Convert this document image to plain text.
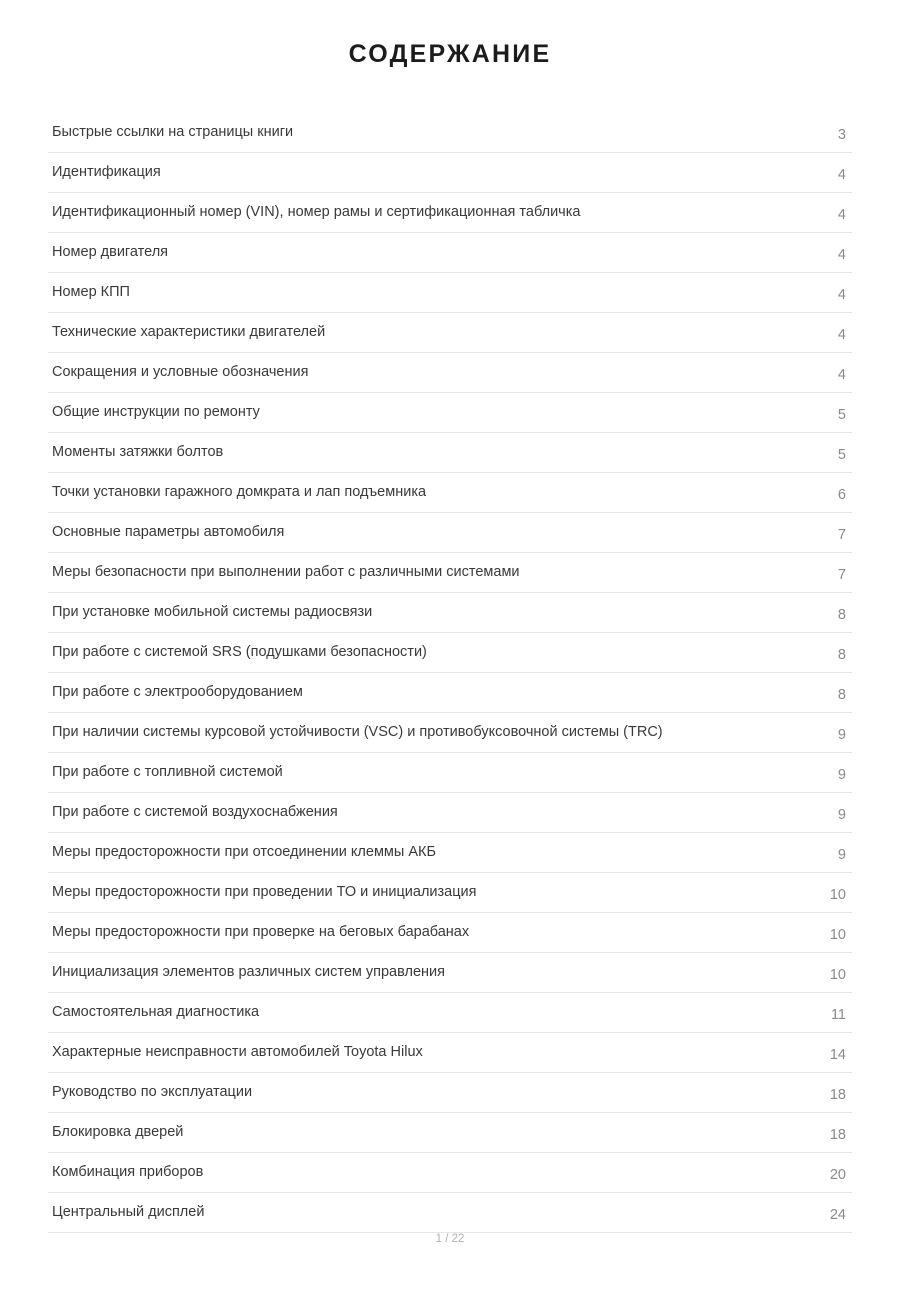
СОДЕРЖАНИЕ
Быстрые ссылки на страницы книги	3
Идентификация	4
Идентификационный номер (VIN), номер рамы и сертификационная табличка	4
Номер двигателя	4
Номер КПП	4
Технические характеристики двигателей	4
Сокращения и условные обозначения	4
Общие инструкции по ремонту	5
Моменты затяжки болтов	5
Точки установки гаражного домкрата и лап подъемника	6
Основные параметры автомобиля	7
Меры безопасности при выполнении работ с различными системами	7
При установке мобильной системы радиосвязи	8
При работе с системой SRS (подушками безопасности)	8
При работе с электрооборудованием	8
При наличии системы курсовой устойчивости (VSC) и противобуксовочной системы (TRC)	9
При работе с топливной системой	9
При работе с системой воздухоснабжения	9
Меры предосторожности при отсоединении клеммы АКБ	9
Меры предосторожности при проведении ТО и инициализация	10
Меры предосторожности при проверке на беговых барабанах	10
Инициализация элементов различных систем управления	10
Самостоятельная диагностика	11
Характерные неисправности автомобилей Toyota Hilux	14
Руководство по эксплуатации	18
Блокировка дверей	18
Комбинация приборов	20
Центральный дисплей	24
1 / 22
